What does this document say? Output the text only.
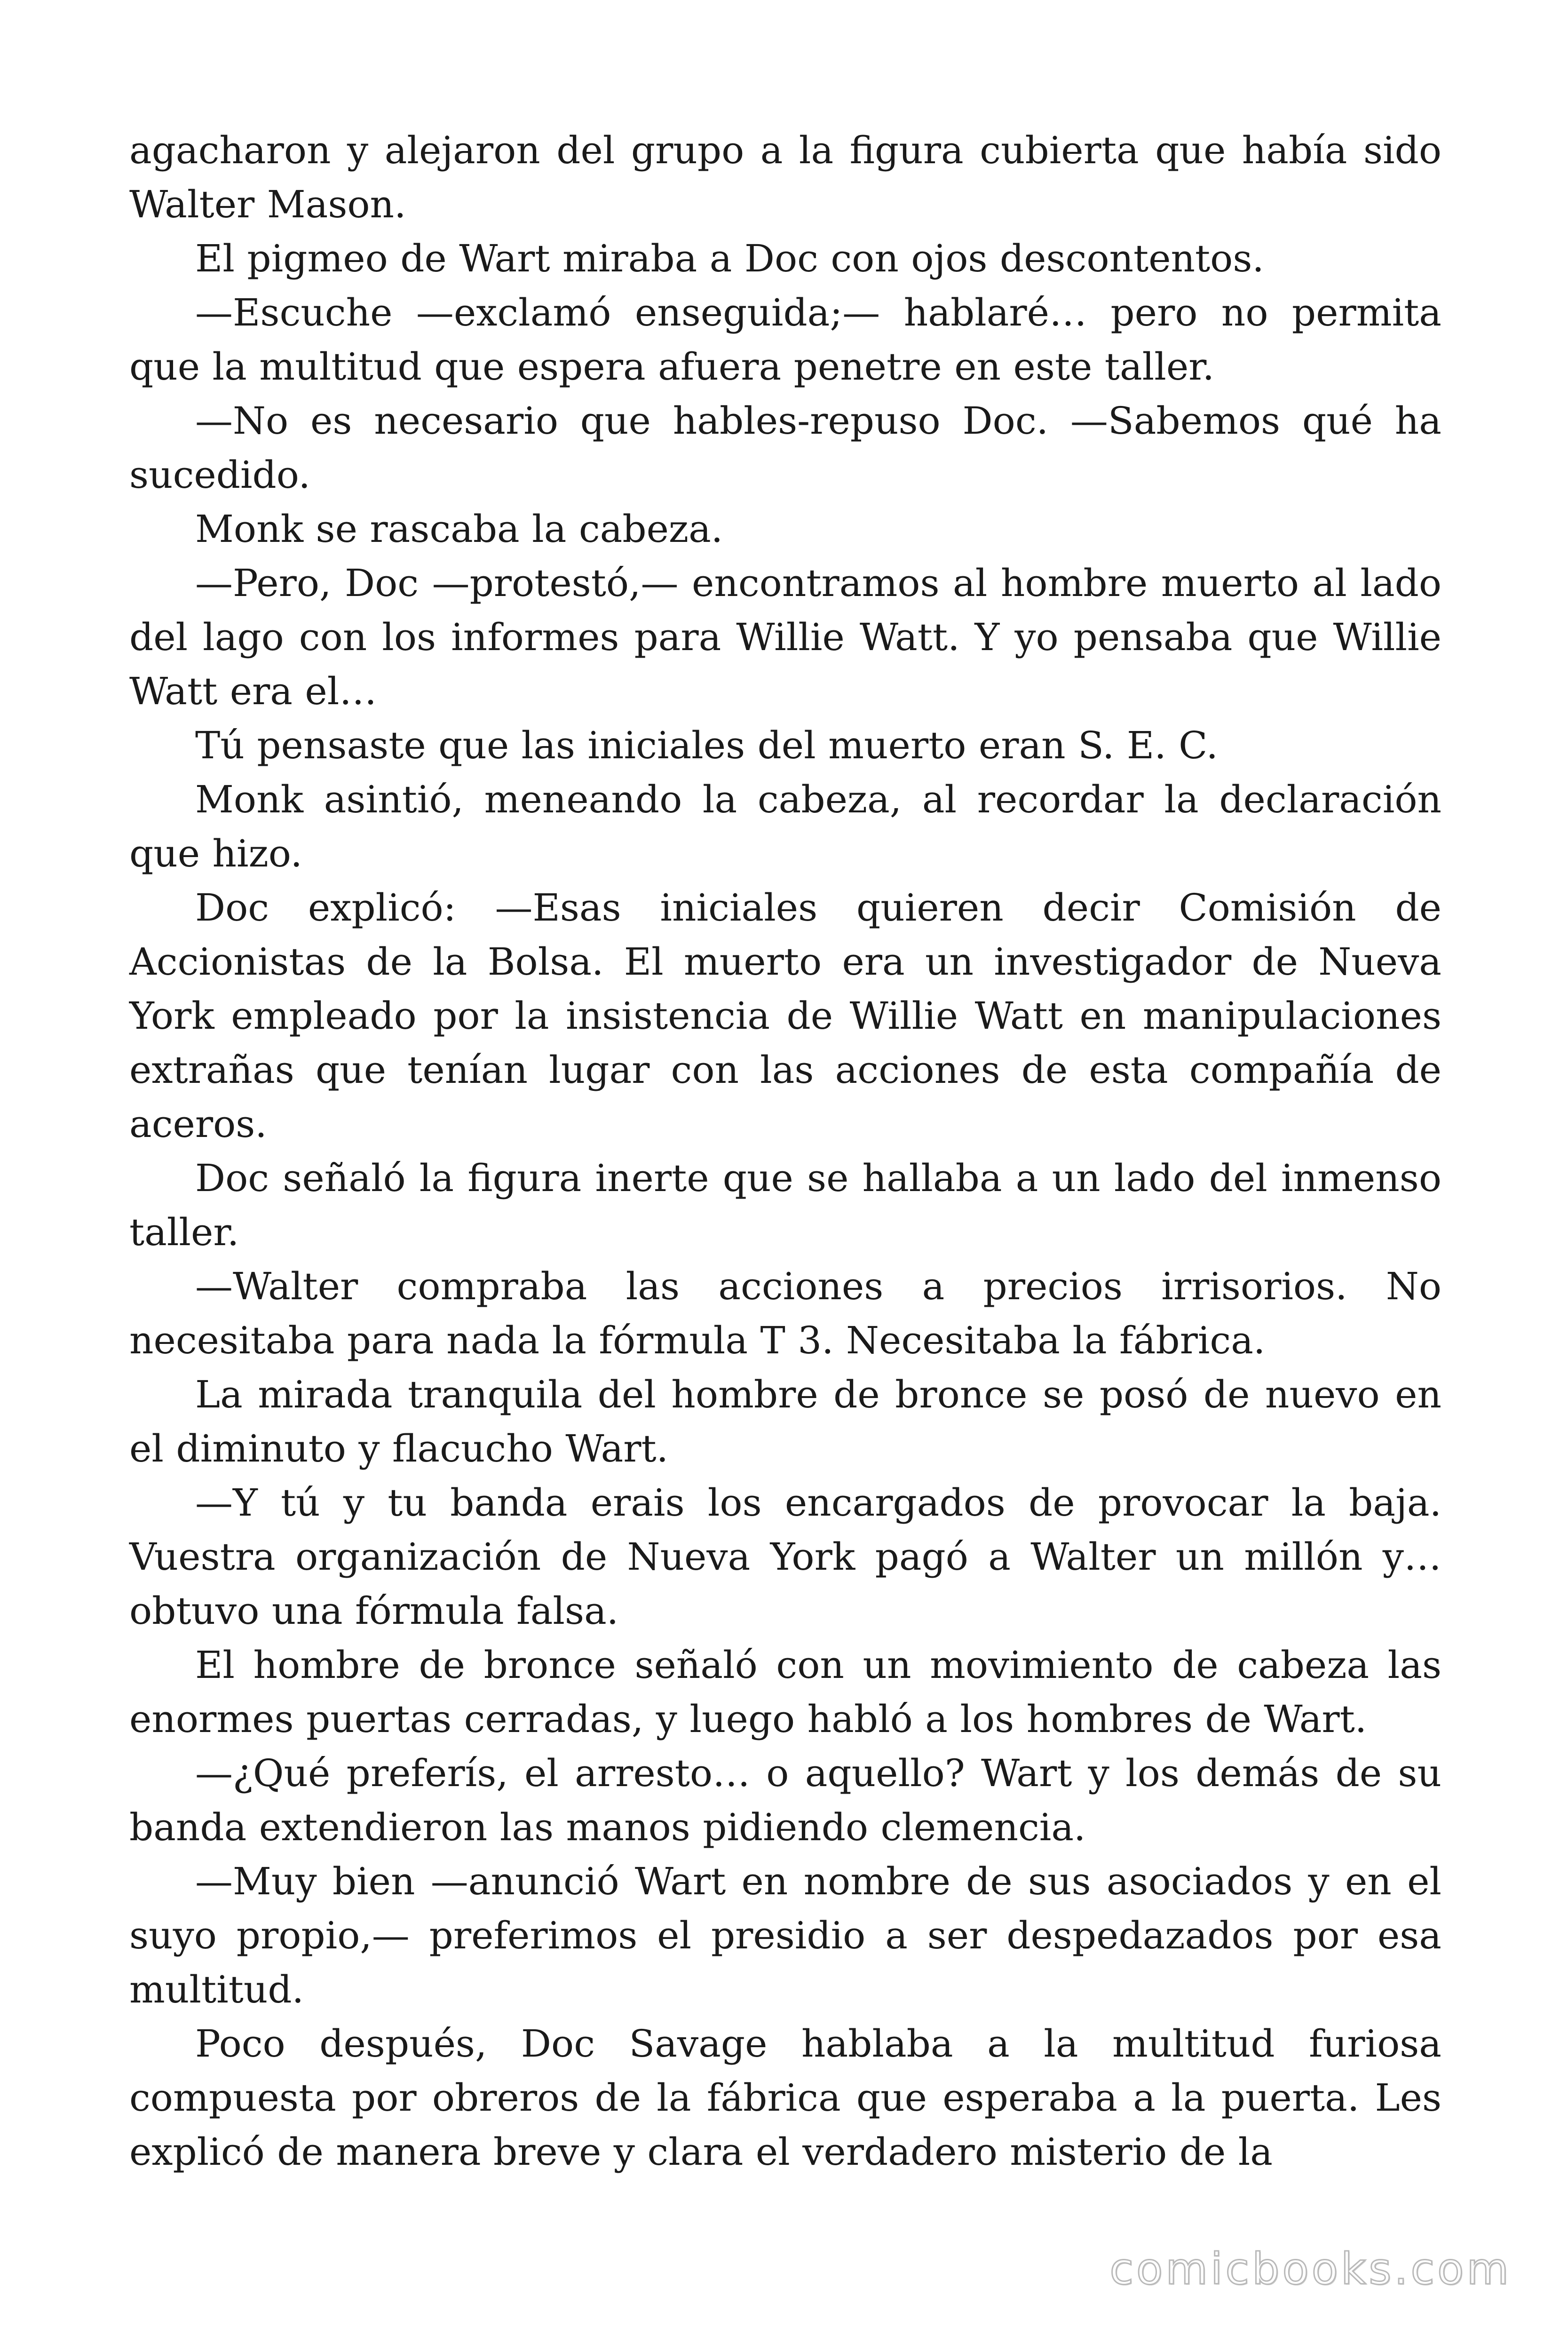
agacharon y alejaron del grupo a la figura cubierta que había sido Walter Mason.

El pigmeo de Wart miraba a Doc con ojos descontentos.

—Escuche —exclamó enseguida;— hablaré… pero no permita que la multitud que espera afuera penetre en este taller.

—No es necesario que hables-repuso Doc. —Sabemos qué ha sucedido.

Monk se rascaba la cabeza.

—Pero, Doc —protestó,— encontramos al hombre muerto al lado del lago con los informes para Willie Watt. Y yo pensaba que Willie Watt era el…

Tú pensaste que las iniciales del muerto eran S. E. C.

Monk asintió, meneando la cabeza, al recordar la declaración que hizo.

Doc explicó: —Esas iniciales quieren decir Comisión de Accionistas de la Bolsa. El muerto era un investigador de Nueva York empleado por la insistencia de Willie Watt en manipulaciones extrañas que tenían lugar con las acciones de esta compañía de aceros.

Doc señaló la figura inerte que se hallaba a un lado del inmenso taller.

—Walter compraba las acciones a precios irrisorios. No necesitaba para nada la fórmula T 3. Necesitaba la fábrica.

La mirada tranquila del hombre de bronce se posó de nuevo en el diminuto y flacucho Wart.

—Y tú y tu banda erais los encargados de provocar la baja. Vuestra organización de Nueva York pagó a Walter un millón y… obtuvo una fórmula falsa.

El hombre de bronce señaló con un movimiento de cabeza las enormes puertas cerradas, y luego habló a los hombres de Wart.

—¿Qué preferís, el arresto… o aquello? Wart y los demás de su banda extendieron las manos pidiendo clemencia.

—Muy bien —anunció Wart en nombre de sus asociados y en el suyo propio,— preferimos el presidio a ser despedazados por esa multitud.

Poco después, Doc Savage hablaba a la multitud furiosa compuesta por obreros de la fábrica que esperaba a la puerta. Les explicó de manera breve y clara el verdadero misterio de la

comicbooks.com
